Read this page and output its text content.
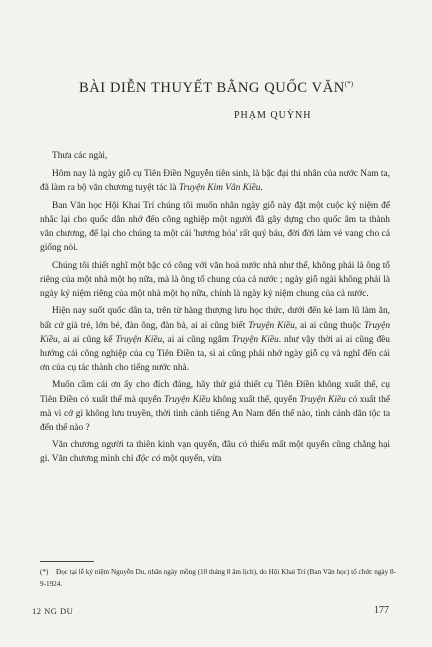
BÀI DIỄN THUYẾT BẰNG QUỐC VĂN(*)
PHẠM QUỲNH

Thưa các ngài,

Hôm nay là ngày giỗ cụ Tiên Điền Nguyễn tiên sinh, là bậc đại thi nhân của nước Nam ta, đã làm ra bộ văn chương tuyệt tác là Truyện Kim Vân Kiều.

Ban Văn học Hội Khai Trí chúng tôi muốn nhân ngày giỗ này đặt một cuộc kỷ niệm để nhắc lại cho quốc dân nhớ đến công nghiệp một người đã gây dựng cho quốc âm ta thành văn chương, để lại cho chúng ta một cái 'hương hỏa' rất quý báu, đời đời làm vẻ vang cho cả giống nòi.

Chúng tôi thiết nghĩ một bậc có công với văn hoá nước nhà như thế, không phải là ông tổ riêng của một nhà một họ nữa, mà là ông tổ chung của cả nước ; ngày giỗ ngài không phải là ngày kỷ niệm riêng của một nhà một họ nữa, chính là ngày kỷ niệm chung của cả nước.

Hiện nay suốt quốc dân ta, trên từ hàng thượng lưu học thức, dưới đến kẻ lam lũ làm ăn, bất cứ già trẻ, lớn bé, đàn ông, đàn bà, ai ai cũng biết Truyện Kiều, ai ai cũng thuộc Truyện Kiều, ai ai cũng kể Truyện Kiều, ai ai cũng ngâm Truyện Kiều. như vậy thời ai ai cũng đều hưởng cái công nghiệp của cụ Tiên Điền ta, sì ai cũng phải nhớ ngày giỗ cụ và nghĩ đến cái ơn của cụ tác thành cho tiếng nước nhà.

Muốn cầm cái ơn ấy cho đích đáng, hãy thử giả thiết cụ Tiên Điền không xuất thế, cụ Tiên Điền có xuất thế mà quyển Truyện Kiều không xuất thế, quyển Truyện Kiều có xuất thế mà vì cớ gì không lưu truyền, thời tình cảnh tiếng An Nam đến thế nào, tình cảnh dân tộc ta đến thế nào ?

Văn chương người ta thiên kinh vạn quyển, đâu có thiếu mất một quyển cũng chẳng hại gì. Văn chương mình chỉ độc có một quyển, vừa

(*) Đọc tại lễ kỷ niệm Nguyễn Du, nhân ngày mồng (10 tháng 8 âm lịch), do Hội Khai Trí (Ban Văn học) tổ chức ngày 8-9-1924.
12 NG DU	177
